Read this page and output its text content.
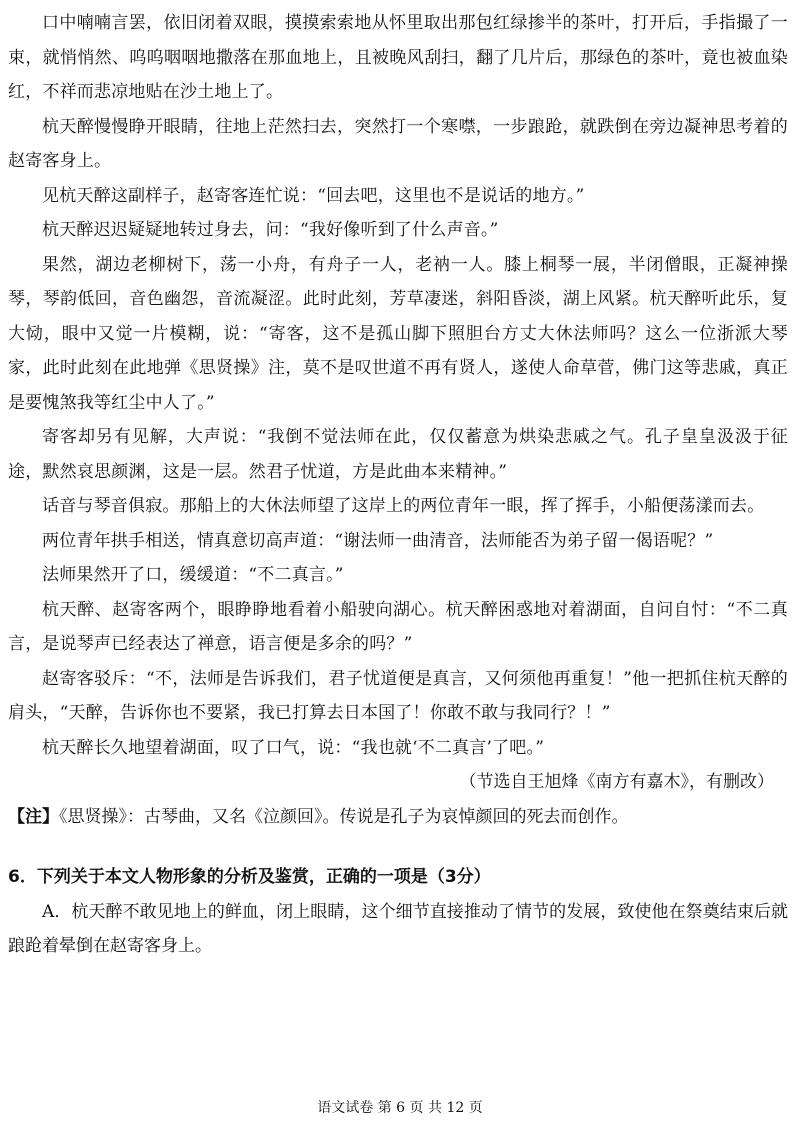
口中喃喃言罢，依旧闭着双眼，摸摸索索地从怀里取出那包红绿掺半的茶叶，打开后，手指撮了一束，就悄悄然、呜呜咽咽地撒落在那血地上，且被晚风刮扫，翻了几片后，那绿色的茶叶，竟也被血染红，不祥而悲凉地贴在沙土地上了。

杭天醉慢慢睁开眼睛，往地上茫然扫去，突然打一个寒噤，一步踉跄，就跌倒在旁边凝神思考着的赵寄客身上。

见杭天醉这副样子，赵寄客连忙说：“回去吧，这里也不是说话的地方。”

杭天醉迟迟疑疑地转过身去，问：“我好像听到了什么声音。”

果然，湖边老柳树下，荡一小舟，有舟子一人，老衲一人。膝上桐琴一展，半闭僧眼，正凝神操琴，琴韵低回，音色幽怨，音流凝涩。此时此刻，芳草凄迷，斜阳昏淡，湖上风紧。杭天醉听此乐，复大恸，眼中又觉一片模糊，说：“寄客，这不是孤山脚下照胆台方丈大休法师吗？这么一位浙派大琴家，此时此刻在此地弹《思贤操》注，莫不是叹世道不再有贤人，遂使人命草菅，佛门这等悲戚，真正是要愧煞我等红尘中人了。”

寄客却另有见解，大声说：“我倒不觉法师在此，仅仅蓄意为烘染悲戚之气。孔子皇皇汲汲于征途，默然哀思颜渊，这是一层。然君子忧道，方是此曲本来精神。”

话音与琴音俱寂。那船上的大休法师望了这岸上的两位青年一眼，挥了挥手，小船便荡漾而去。

两位青年拱手相送，情真意切高声道：“谢法师一曲清音，法师能否为弟子留一偈语呢？”

法师果然开了口，缓缓道：“不二真言。”

杭天醉、赵寄客两个，眼睁睁地看着小船驶向湖心。杭天醉困惑地对着湖面，自问自忖：“不二真言，是说琴声已经表达了禅意，语言便是多余的吗？”

赵寄客驳斥：“不，法师是告诉我们，君子忧道便是真言，又何须他再重复！”他一把抓住杭天醉的肩头，“天醉，告诉你也不要紧，我已打算去日本国了！你敢不敢与我同行？！”

杭天醉长久地望着湖面，叹了口气，说：“我也就‘不二真言’了吧。”

（节选自王旭烽《南方有嘉木》，有删改）

【注】《思贤操》：古琴曲，又名《泣颜回》。传说是孔子为哀悼颜回的死去而创作。

6．下列关于本文人物形象的分析及鉴赏，正确的一项是（3分）

A．杭天醉不敢见地上的鲜血，闭上眼睛，这个细节直接推动了情节的发展，致使他在祭奠结束后就踉跄着晕倒在赵寄客身上。

语文试卷 第 6 页 共 12 页
